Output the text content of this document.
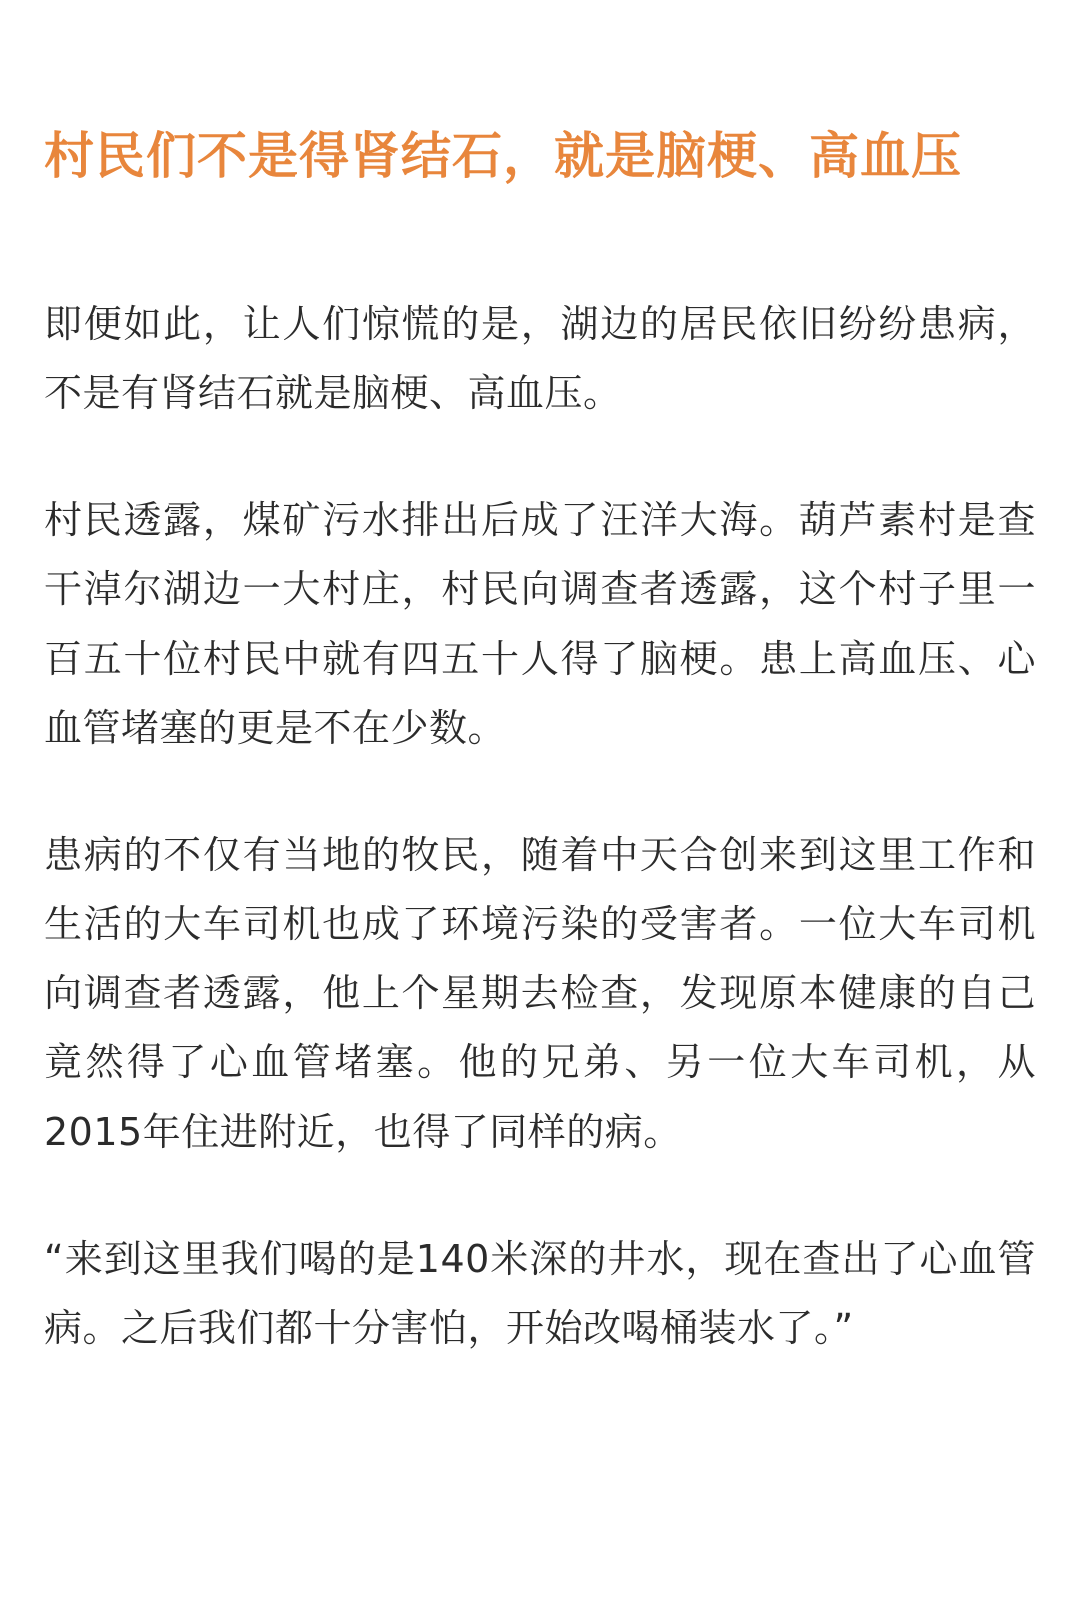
村民们不是得肾结石，就是脑梗、高血压

即便如此，让人们惊慌的是，湖边的居民依旧纷纷患病，不是有肾结石就是脑梗、高血压。

村民透露，煤矿污水排出后成了汪洋大海。葫芦素村是查干淖尔湖边一大村庄，村民向调查者透露，这个村子里一百五十位村民中就有四五十人得了脑梗。患上高血压、心血管堵塞的更是不在少数。

患病的不仅有当地的牧民，随着中天合创来到这里工作和生活的大车司机也成了环境污染的受害者。一位大车司机向调查者透露，他上个星期去检查，发现原本健康的自己竟然得了心血管堵塞。他的兄弟、另一位大车司机，从2015年住进附近，也得了同样的病。

“来到这里我们喝的是140米深的井水，现在查出了心血管病。之后我们都十分害怕，开始改喝桶装水了。”
